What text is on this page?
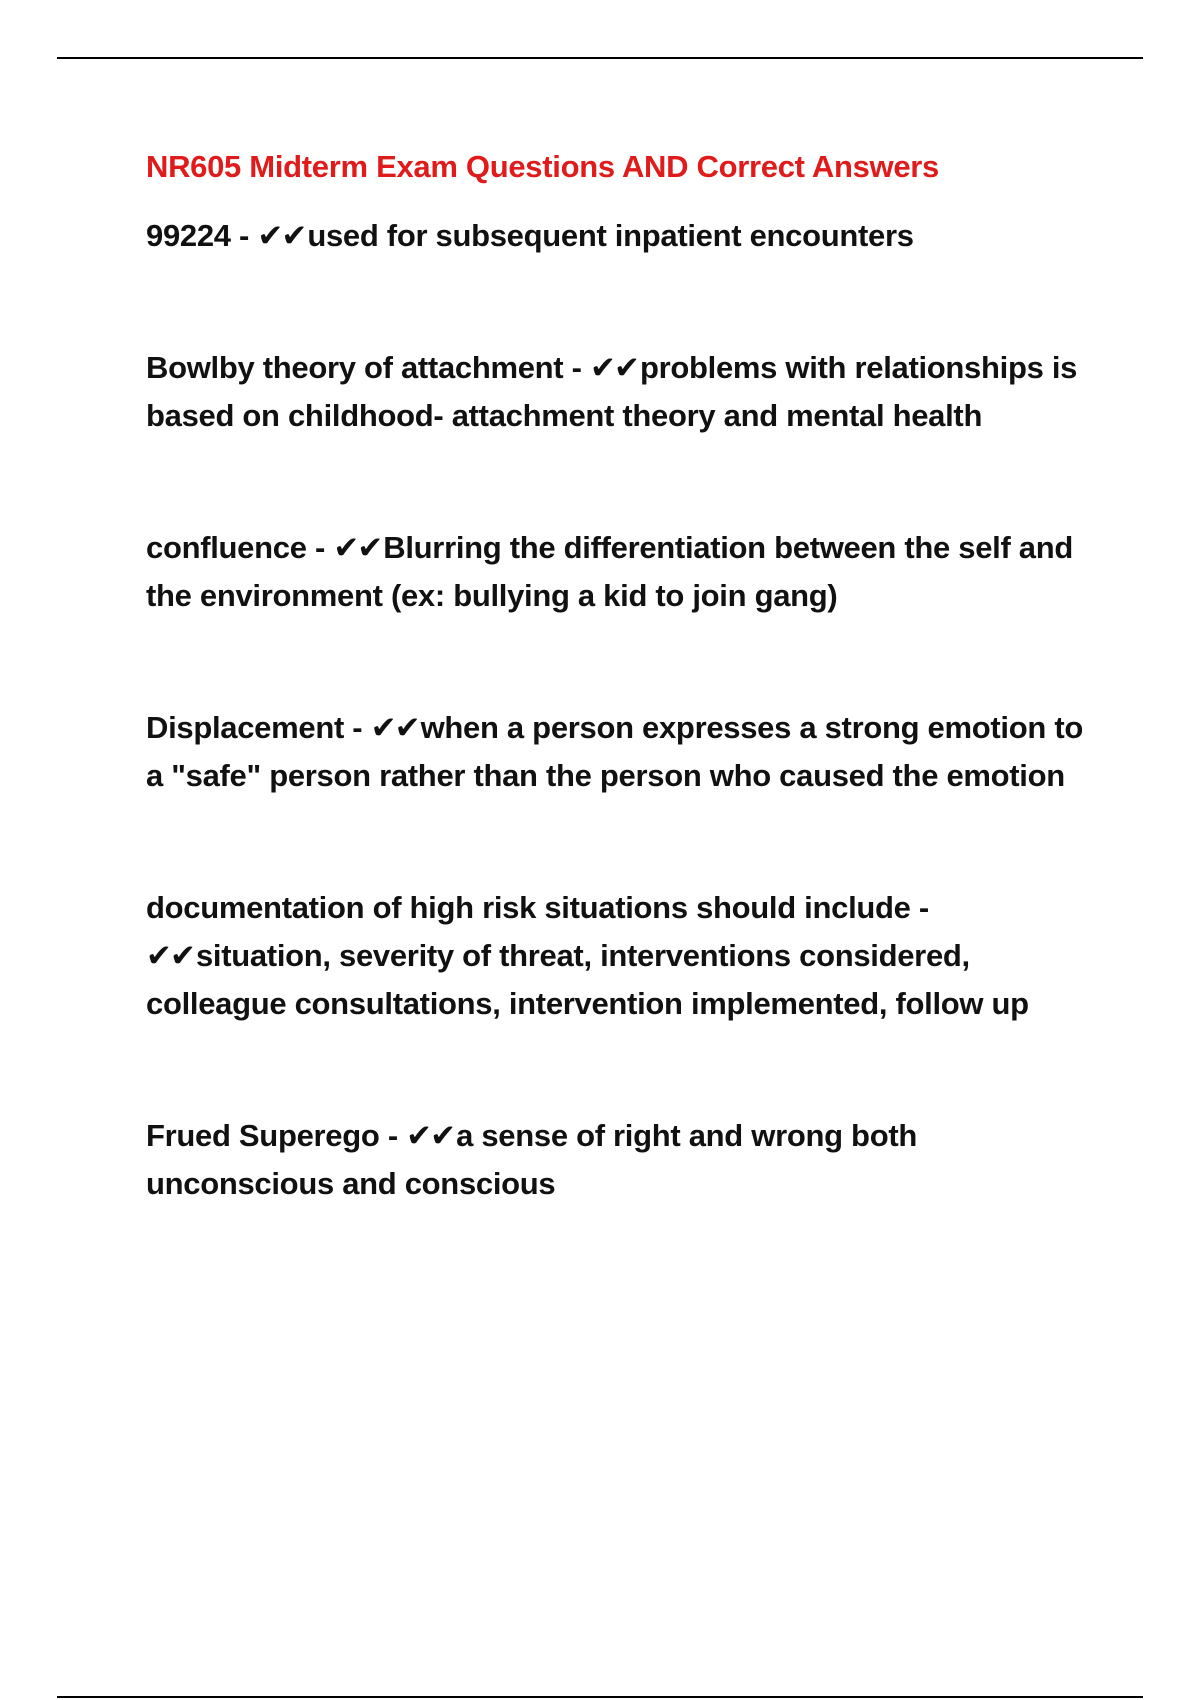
NR605 Midterm Exam Questions AND Correct Answers

99224 - ✔✔used for subsequent inpatient encounters

Bowlby theory of attachment - ✔✔problems with relationships is based on childhood- attachment theory and mental health

confluence - ✔✔Blurring the differentiation between the self and the environment (ex: bullying a kid to join gang)

Displacement - ✔✔when a person expresses a strong emotion to a "safe" person rather than the person who caused the emotion

documentation of high risk situations should include - ✔✔situation, severity of threat, interventions considered, colleague consultations, intervention implemented, follow up

Frued Superego - ✔✔a sense of right and wrong both unconscious and conscious
